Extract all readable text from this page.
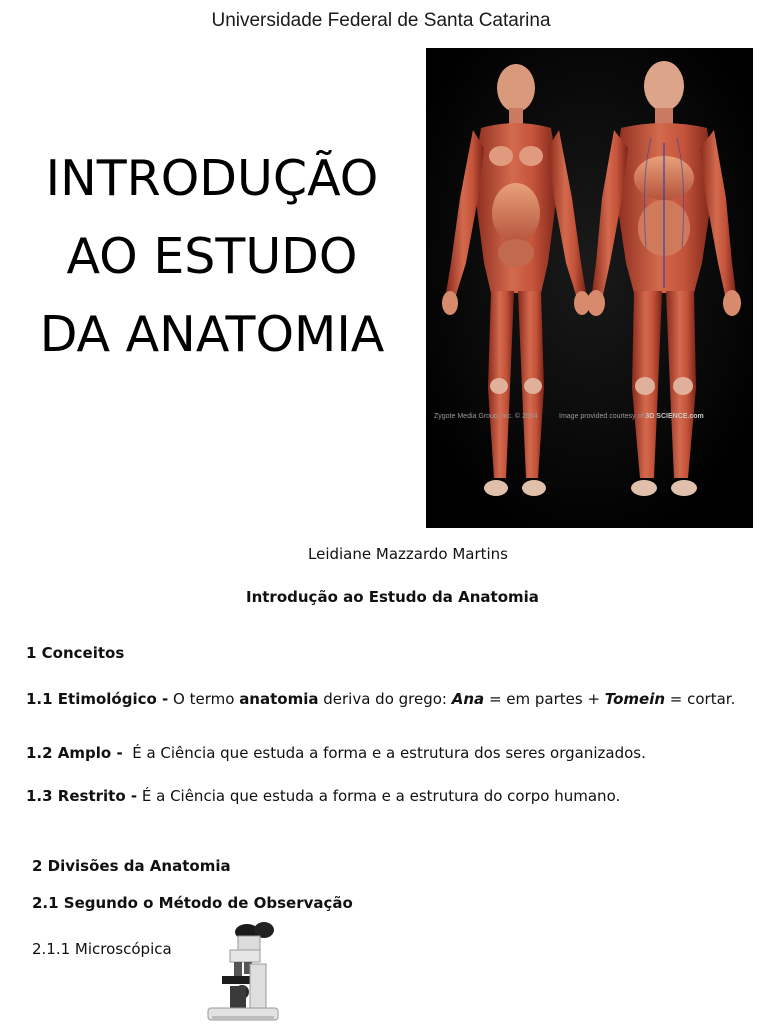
Universidade Federal de Santa Catarina
INTRODUÇÃO
AO ESTUDO
DA ANATOMIA
Zygote Media Group, Inc. © 2004	Image provided courtesy of 3D SCIENCE.com
Leidiane Mazzardo Martins
Introdução ao Estudo da Anatomia
1 Conceitos
1.1 Etimológico - O termo anatomia deriva do grego: Ana = em partes + Tomein = cortar.
1.2 Amplo -  É a Ciência que estuda a forma e a estrutura dos seres organizados.
1.3 Restrito - É a Ciência que estuda a forma e a estrutura do corpo humano.
2 Divisões da Anatomia
2.1 Segundo o Método de Observação
2.1.1 Microscópica
